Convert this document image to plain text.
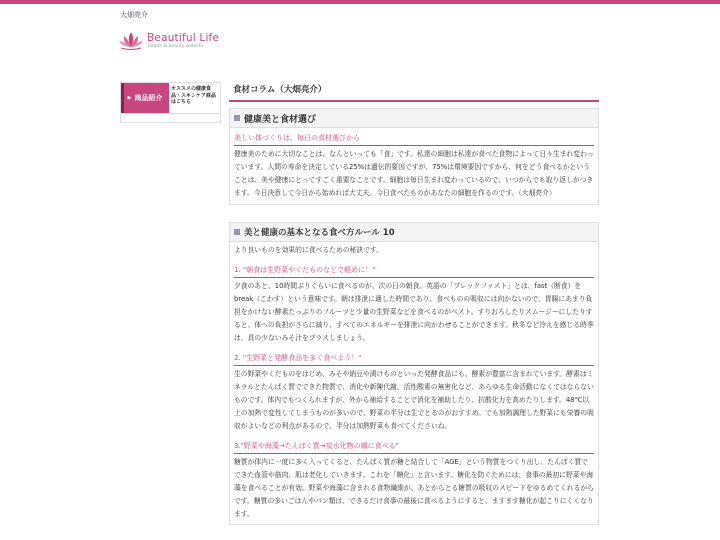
大畑亮介
Beautiful Life
health & beauty website
▶ 商品紹介
オススメの健康食品・スキンケア商品はこちら
食材コラム（大畑亮介）
健康美と食材選び
美しい体づくりは、毎日の食材選びから
健康美のために大切なことは、なんといっても「食」です。私達の細胞は私達が食べた食物によって日々生まれ変わっています。人間の寿命を決定している25%は遺伝的要因ですが、75%は環境要因ですから、何をどう食べるかということは、美や健康にとってすごく重要なことです。細胞は毎日生まれ変わっているので、いつからでも取り返しがつきます。今日決意して今日から始めれば大丈夫。今日食べたものがあなたの細胞を作るのです。（大畑亮介）
美と健康の基本となる食べ方ルール 10
より良いものを効果的に食べるための秘訣です。
1. "朝食は生野菜やくだものなどで軽めに！"
夕食のあと、10時間ぶりぐらいに食べるのが、次の日の朝食。英語の「ブレックファスト」とは、fast（断食）をbreak（こわす）という意味です。朝は排泄に適した時間であり、食べものの吸収には向かないので、胃腸にあまり負担をかけない酵素たっぷりのフルーツと少量の生野菜などを食べるのがベスト。すりおろしたりスムージーにしたりすると、体への負担がさらに減り、すべてのエネルギーを排泄に向かわせることができます。秋冬など冷えを感じる時季は、具の少ないみそ汁をプラスしましょう。
2. "生野菜と発酵食品を多く食べよう！"
生の野菜やくだものをはじめ、みそや納豆や漬けものといった発酵食品にも、酵素が豊富に含まれています。酵素はミネラルとたんぱく質でできた物質で、消化や新陳代謝、活性酸素の無害化など、あらゆる生命活動になくてはならないものです。体内でもつくられますが、外から補給することで消化を補助したり、抗酸化力を高めたりします。48℃以上の加熱で変性してしまうものが多いので、野菜の半分は生でとるのがおすすめ。でも加熱調理した野菜にも栄養の吸収がよいなどの利点があるので、半分は加熱野菜も食べてくださいね。
3."野菜や海藻→たんぱく質→炭水化物の順に食べる"
糖質が体内に一度に多く入ってくると、たんぱく質が糖と結合して「AGE」という物質をつくり出し、たんぱく質でできた血管や筋肉、肌は老化していきます。これを「糖化」と言います。糖化を防ぐためには、食事の最初に野菜や海藻を食べることが有効。野菜や海藻に含まれる食物繊維が、あとからとる糖質の吸収のスピードをゆるめてくれるからです。糖質の多いごはんやパン類は、できるだけ食事の最後に食べるようにすると、ますます糖化が起こりにくくなります。
